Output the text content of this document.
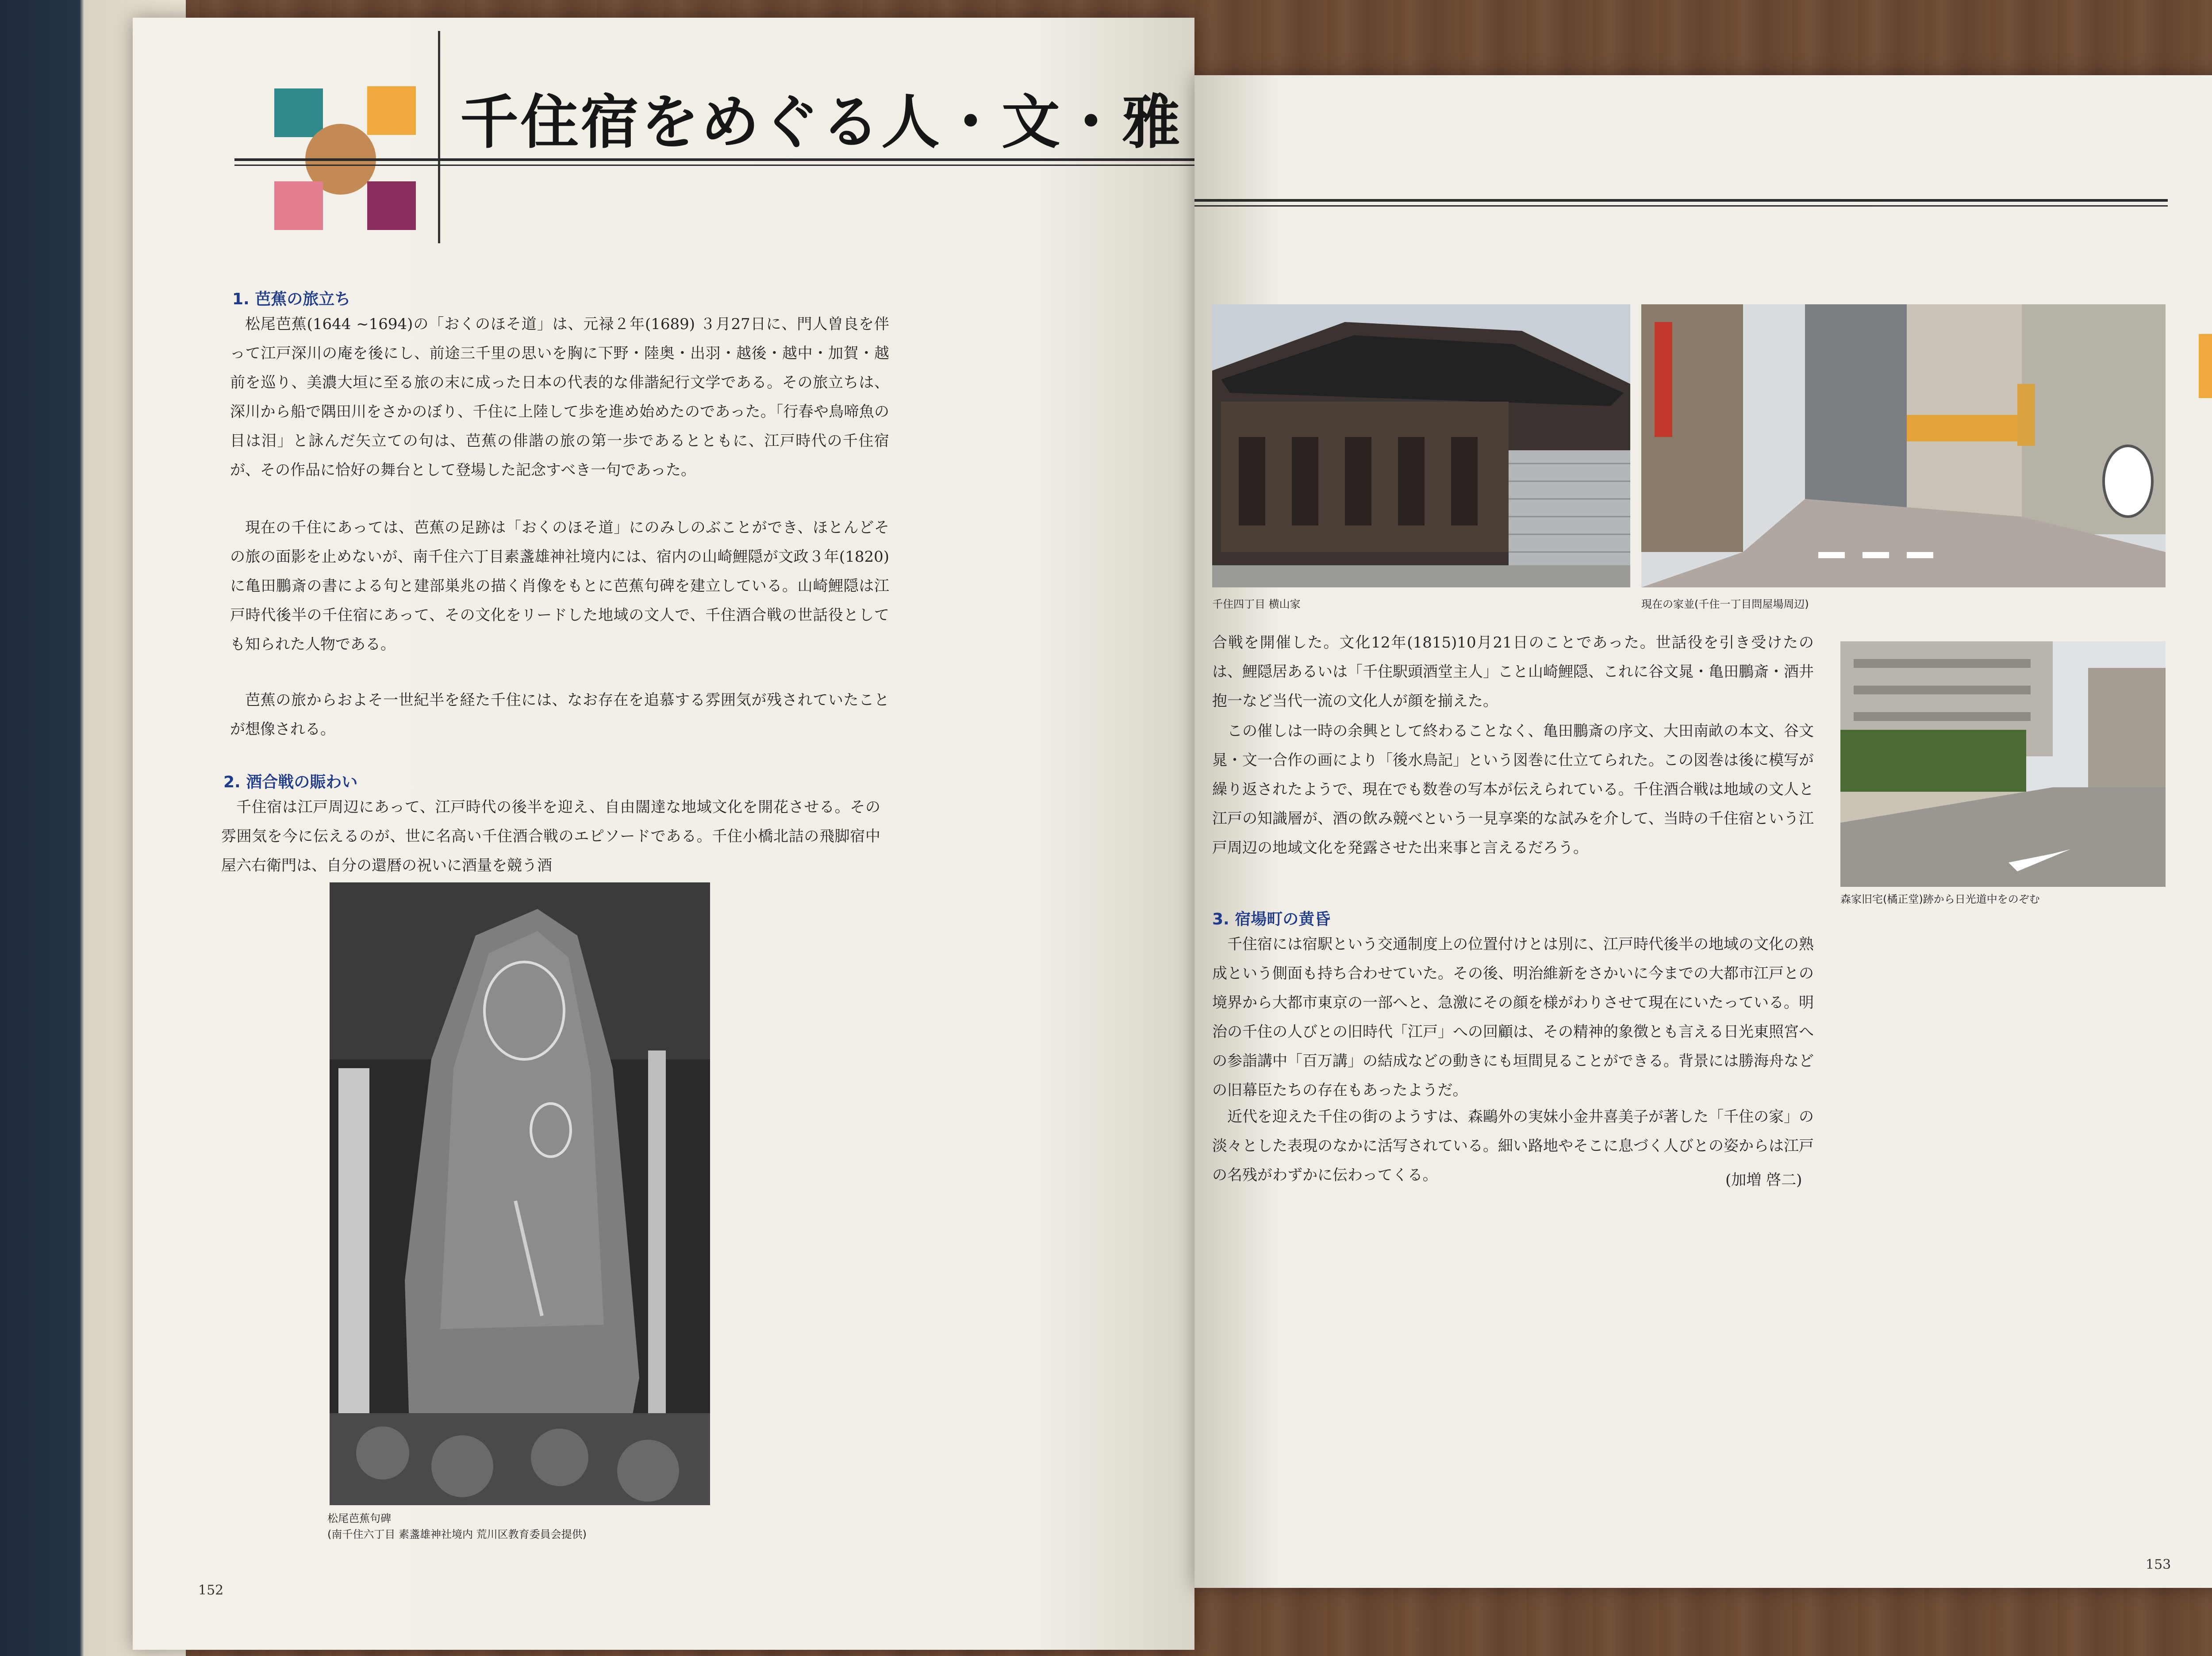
千住宿をめぐる人・文・雅
1. 芭蕉の旅立ち
松尾芭蕉(1644 ~1694)の「おくのほそ道」は、元禄２年(1689) ３月27日に、門人曽良を伴って江戸深川の庵を後にし、前途三千里の思いを胸に下野・陸奥・出羽・越後・越中・加賀・越前を巡り、美濃大垣に至る旅の末に成った日本の代表的な俳諧紀行文学である。その旅立ちは、深川から船で隅田川をさかのぼり、千住に上陸して歩を進め始めたのであった。「行春や鳥啼魚の目は泪」と詠んだ矢立ての句は、芭蕉の俳諧の旅の第一歩であるとともに、江戸時代の千住宿が、その作品に恰好の舞台として登場した記念すべき一句であった。
現在の千住にあっては、芭蕉の足跡は「おくのほそ道」にのみしのぶことができ、ほとんどその旅の面影を止めないが、南千住六丁目素盞雄神社境内には、宿内の山崎鯉隠が文政３年(1820)に亀田鵬斎の書による句と建部巣兆の描く肖像をもとに芭蕉句碑を建立している。山崎鯉隠は江戸時代後半の千住宿にあって、その文化をリードした地域の文人で、千住酒合戦の世話役としても知られた人物である。
芭蕉の旅からおよそ一世紀半を経た千住には、なお存在を追慕する雰囲気が残されていたことが想像される。
2. 酒合戦の賑わい
千住宿は江戸周辺にあって、江戸時代の後半を迎え、自由闊達な地域文化を開花させる。その雰囲気を今に伝えるのが、世に名高い千住酒合戦のエピソードである。千住小橋北詰の飛脚宿中屋六右衛門は、自分の還暦の祝いに酒量を競う酒
松尾芭蕉句碑
(南千住六丁目 素盞雄神社境内 荒川区教育委員会提供)
152
千住四丁目 横山家	現在の家並(千住一丁目問屋場周辺)
合戦を開催した。文化12年(1815)10月21日のことであった。世話役を引き受けたのは、鯉隠居あるいは「千住駅頭酒堂主人」こと山崎鯉隠、これに谷文晁・亀田鵬斎・酒井抱一など当代一流の文化人が顔を揃えた。
この催しは一時の余興として終わることなく、亀田鵬斎の序文、大田南畝の本文、谷文晁・文一合作の画により「後水鳥記」という図巻に仕立てられた。この図巻は後に模写が繰り返されたようで、現在でも数巻の写本が伝えられている。千住酒合戦は地域の文人と江戸の知識層が、酒の飲み競べという一見享楽的な試みを介して、当時の千住宿という江戸周辺の地域文化を発露させた出来事と言えるだろう。
森家旧宅(橘正堂)跡から日光道中をのぞむ
3. 宿場町の黄昏
千住宿には宿駅という交通制度上の位置付けとは別に、江戸時代後半の地域の文化の熟成という側面も持ち合わせていた。その後、明治維新をさかいに今までの大都市江戸との境界から大都市東京の一部へと、急激にその顔を様がわりさせて現在にいたっている。明治の千住の人びとの旧時代「江戸」への回顧は、その精神的象徴とも言える日光東照宮への参詣講中「百万講」の結成などの動きにも垣間見ることができる。背景には勝海舟などの旧幕臣たちの存在もあったようだ。
近代を迎えた千住の街のようすは、森鷗外の実妹小金井喜美子が著した「千住の家」の淡々とした表現のなかに活写されている。細い路地やそこに息づく人びとの姿からは江戸の名残がわずかに伝わってくる。	(加増 啓二)
153
